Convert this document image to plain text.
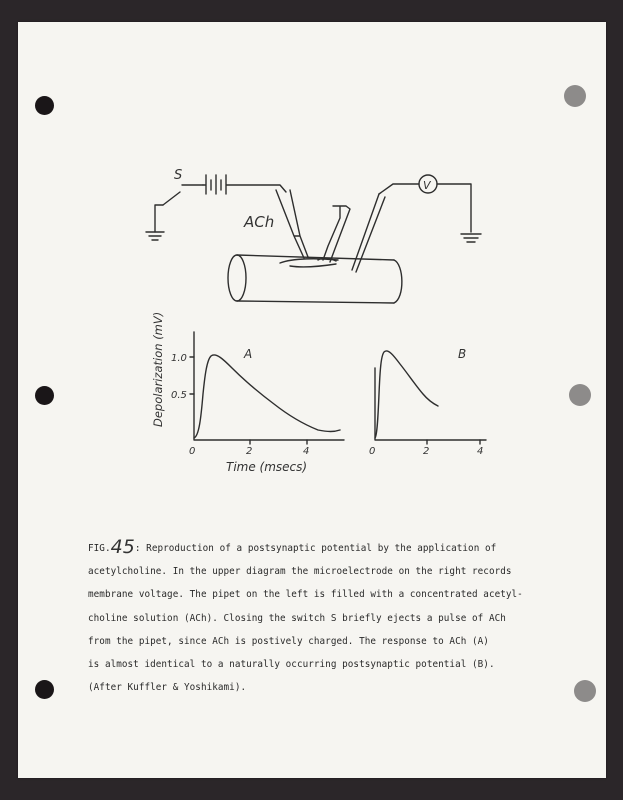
S
V
ACh
Depolarization (mV) 1.0
0.5
0	2	4	0	2	4
A	B
Time (msecs)
FIG.45: Reproduction of a postsynaptic potential by the application of
acetylcholine. In the upper diagram the microelectrode on the right records
membrane voltage. The pipet on the left is filled with a concentrated acetyl-
choline solution (ACh). Closing the switch S briefly ejects a pulse of ACh
from the pipet, since ACh is postively charged. The response to ACh (A)
is almost identical to a naturally occurring postsynaptic potential (B).
(After Kuffler & Yoshikami).
